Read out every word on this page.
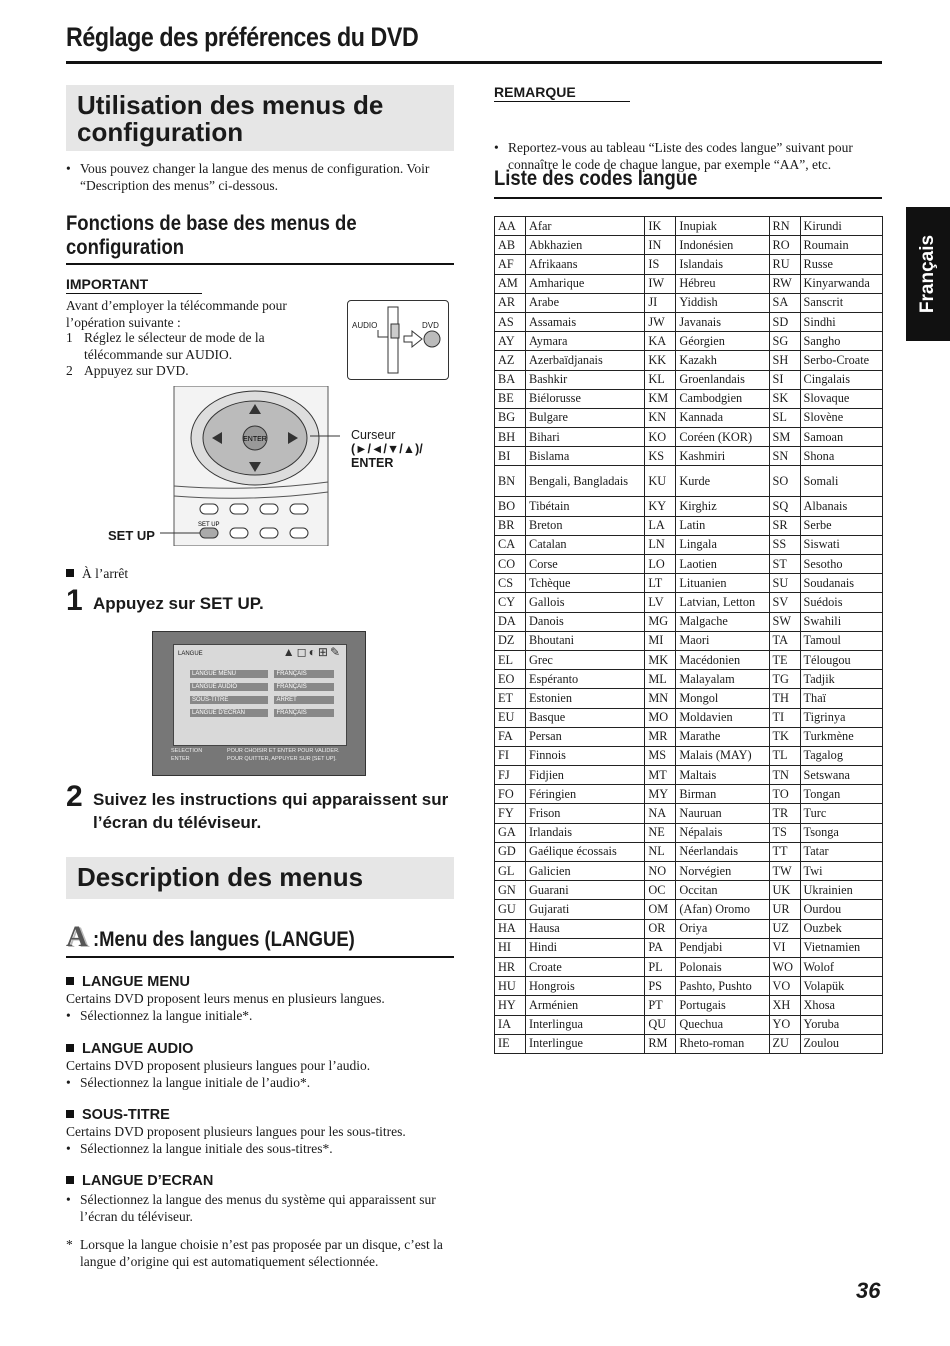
Réglage des préférences du DVD
Français
Utilisation des menus de configuration
• Vous pouvez changer la langue des menus de configuration. Voir “Description des menus” ci-dessous.
Fonctions de base des menus de configuration
IMPORTANT
Avant d’employer la télécommande pour l’opération suivante :
1 Réglez le sélecteur de mode de la télécommande sur AUDIO.
2 Appuyez sur DVD.
AUDIO	DVD
ENTER
SET UP
Curseur
(►/◄/▼/▲)/
ENTER
SET UP
À l’arrêt
1 Appuyez sur SET UP.
▲◻◐⊞✎
LANGUE
LANGUE MENU	FRANÇAIS
LANGUE AUDIO	FRANÇAIS
SOUS-TITRE	ARRET
LANGUE D’ECRAN	FRANÇAIS
SELECTION
ENTER
POUR CHOISIR ET ENTER POUR VALIDER.
POUR QUITTER, APPUYER SUR [SET UP].
2 Suivez les instructions qui apparaissent sur l’écran du téléviseur.
Description des menus
A :Menu des langues (LANGUE)
LANGUE MENU
Certains DVD proposent leurs menus en plusieurs langues.
• Sélectionnez la langue initiale*.
LANGUE AUDIO
Certains DVD proposent plusieurs langues pour l’audio.
• Sélectionnez la langue initiale de l’audio*.
SOUS-TITRE
Certains DVD proposent plusieurs langues pour les sous-titres.
• Sélectionnez la langue initiale des sous-titres*.
LANGUE D’ECRAN
• Sélectionnez la langue des menus du système qui apparaissent sur l’écran du téléviseur.
* Lorsque la langue choisie n’est pas proposée par un disque, c’est la langue d’origine qui est automatiquement sélectionnée.
REMARQUE
• Reportez-vous au tableau “Liste des codes langue” suivant pour connaître le code de chaque langue, par exemple “AA”, etc.
Liste des codes langue
AA	Afar	IK	Inupiak	RN	Kirundi
AB	Abkhazien	IN	Indonésien	RO	Roumain
AF	Afrikaans	IS	Islandais	RU	Russe
AM	Amharique	IW	Hébreu	RW	Kinyarwanda
AR	Arabe	JI	Yiddish	SA	Sanscrit
AS	Assamais	JW	Javanais	SD	Sindhi
AY	Aymara	KA	Géorgien	SG	Sangho
AZ	Azerbaïdjanais	KK	Kazakh	SH	Serbo-Croate
BA	Bashkir	KL	Groenlandais	SI	Cingalais
BE	Biélorusse	KM	Cambodgien	SK	Slovaque
BG	Bulgare	KN	Kannada	SL	Slovène
BH	Bihari	KO	Coréen (KOR)	SM	Samoan
BI	Bislama	KS	Kashmiri	SN	Shona
BN	Bengali, Bangladais	KU	Kurde	SO	Somali
BO	Tibétain	KY	Kirghiz	SQ	Albanais
BR	Breton	LA	Latin	SR	Serbe
CA	Catalan	LN	Lingala	SS	Siswati
CO	Corse	LO	Laotien	ST	Sesotho
CS	Tchèque	LT	Lituanien	SU	Soudanais
CY	Gallois	LV	Latvian, Letton	SV	Suédois
DA	Danois	MG	Malgache	SW	Swahili
DZ	Bhoutani	MI	Maori	TA	Tamoul
EL	Grec	MK	Macédonien	TE	Télougou
EO	Espéranto	ML	Malayalam	TG	Tadjik
ET	Estonien	MN	Mongol	TH	Thaï
EU	Basque	MO	Moldavien	TI	Tigrinya
FA	Persan	MR	Marathe	TK	Turkmène
FI	Finnois	MS	Malais (MAY)	TL	Tagalog
FJ	Fidjien	MT	Maltais	TN	Setswana
FO	Féringien	MY	Birman	TO	Tongan
FY	Frison	NA	Nauruan	TR	Turc
GA	Irlandais	NE	Népalais	TS	Tsonga
GD	Gaélique écossais	NL	Néerlandais	TT	Tatar
GL	Galicien	NO	Norvégien	TW	Twi
GN	Guarani	OC	Occitan	UK	Ukrainien
GU	Gujarati	OM	(Afan) Oromo	UR	Ourdou
HA	Hausa	OR	Oriya	UZ	Ouzbek
HI	Hindi	PA	Pendjabi	VI	Vietnamien
HR	Croate	PL	Polonais	WO	Wolof
HU	Hongrois	PS	Pashto, Pushto	VO	Volapük
HY	Arménien	PT	Portugais	XH	Xhosa
IA	Interlingua	QU	Quechua	YO	Yoruba
IE	Interlingue	RM	Rheto-roman	ZU	Zoulou
36
